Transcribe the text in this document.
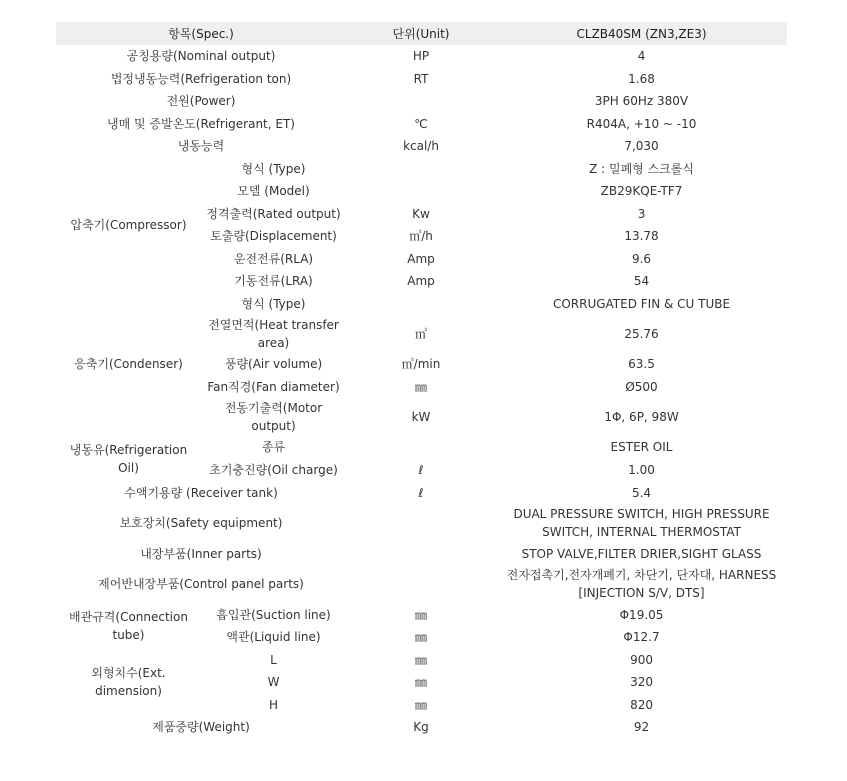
항목(Spec.)		단위(Unit)	CLZB40SM (ZN3,ZE3)
공칭용량(Nominal output)		HP	4
법정냉동능력(Refrigeration ton)		RT	1.68
전원(Power)			3PH 60Hz 380V
냉매 및 증발온도(Refrigerant, ET)		℃	R404A, +10 ~ -10
냉동능력		kcal/h	7,030
압축기(Compressor)	형식 (Type)		Z : 밀폐형 스크롤식
	모델 (Model)		ZB29KQE-TF7
	정격출력(Rated output)	Kw	3
	토출량(Displacement)	㎥/h	13.78
	운전전류(RLA)	Amp	9.6
	기동전류(LRA)	Amp	54
응축기(Condenser)	형식 (Type)		CORRUGATED FIN & CU TUBE
	전열면적(Heat transfer area)	㎡	25.76
	풍량(Air volume)	㎥/min	63.5
	Fan직경(Fan diameter)	㎜	Ø500
	전동기출력(Motor output)	kW	1Φ, 6P, 98W
냉동유(Refrigeration Oil)	종류		ESTER OIL
	초기충진량(Oil charge)	ℓ	1.00
수액기용량 (Receiver tank)		ℓ	5.4
보호장치(Safety equipment)			DUAL PRESSURE SWITCH, HIGH PRESSURE SWITCH, INTERNAL THERMOSTAT
내장부품(Inner parts)			STOP VALVE,FILTER DRIER,SIGHT GLASS
제어반내장부품(Control panel parts)			전자접촉기,전자개폐기, 차단기, 단자대, HARNESS [INJECTION S/V, DTS]
배관규격(Connection tube)	흡입관(Suction line)	㎜	Φ19.05
	액관(Liquid line)	㎜	Φ12.7
외형치수(Ext. dimension)	L	㎜	900
	W	㎜	320
	H	㎜	820
제품중량(Weight)		Kg	92
